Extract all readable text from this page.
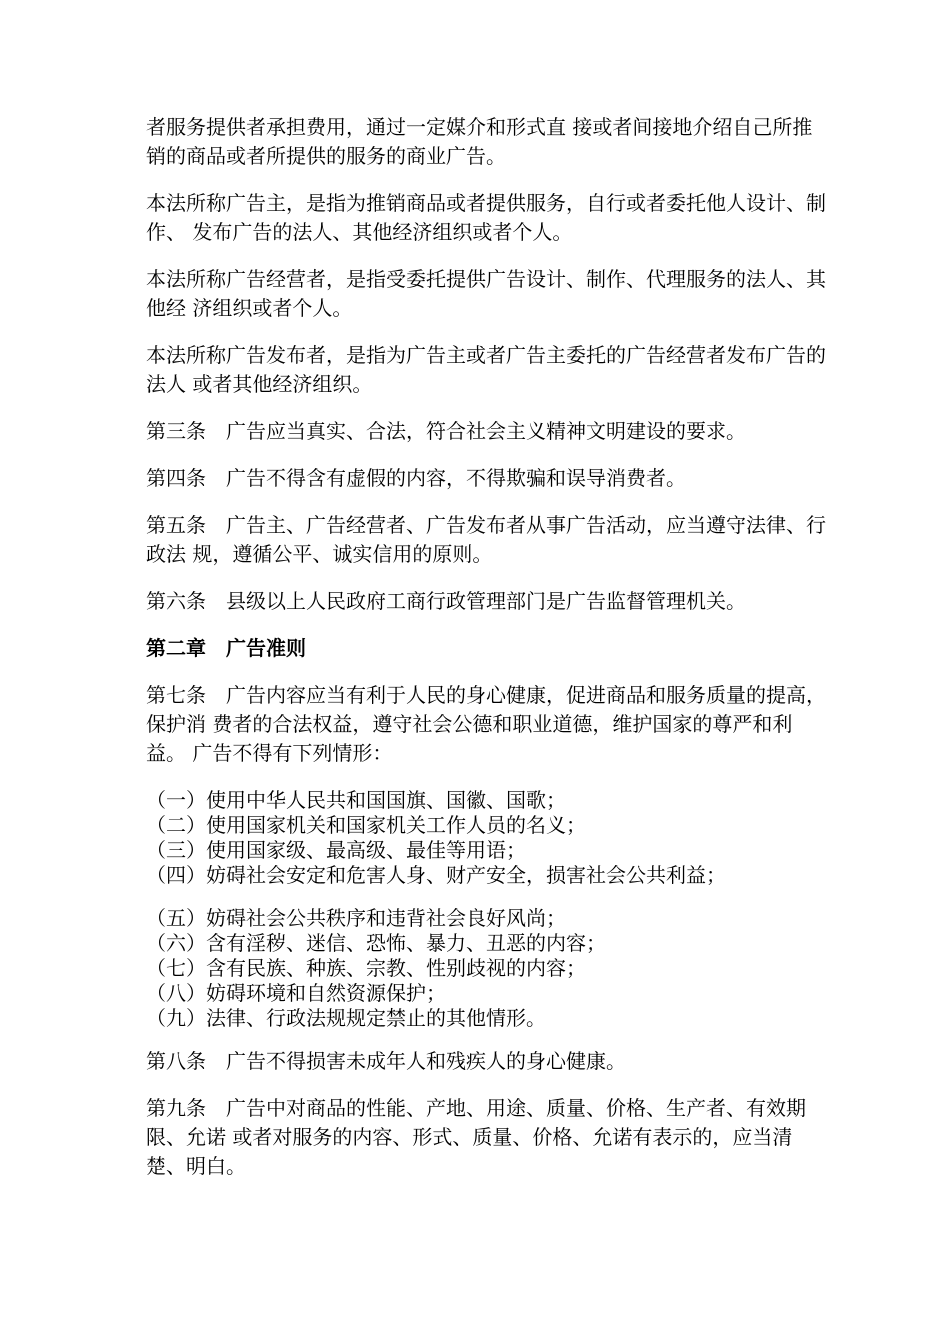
者服务提供者承担费用，通过一定媒介和形式直 接或者间接地介绍自己所推销的商品或者所提供的服务的商业广告。

本法所称广告主，是指为推销商品或者提供服务，自行或者委托他人设计、制作、 发布广告的法人、其他经济组织或者个人。

本法所称广告经营者，是指受委托提供广告设计、制作、代理服务的法人、其他经 济组织或者个人。

本法所称广告发布者，是指为广告主或者广告主委托的广告经营者发布广告的法人 或者其他经济组织。

第三条　广告应当真实、合法，符合社会主义精神文明建设的要求。

第四条　广告不得含有虚假的内容，不得欺骗和误导消费者。

第五条　广告主、广告经营者、广告发布者从事广告活动，应当遵守法律、行政法 规，遵循公平、诚实信用的原则。

第六条　县级以上人民政府工商行政管理部门是广告监督管理机关。

第二章　广告准则

第七条　广告内容应当有利于人民的身心健康，促进商品和服务质量的提高，保护消 费者的合法权益，遵守社会公德和职业道德，维护国家的尊严和利益。 广告不得有下列情形：

（一）使用中华人民共和国国旗、国徽、国歌；
（二）使用国家机关和国家机关工作人员的名义；
（三）使用国家级、最高级、最佳等用语；
（四）妨碍社会安定和危害人身、财产安全，损害社会公共利益；
（五）妨碍社会公共秩序和违背社会良好风尚；
（六）含有淫秽、迷信、恐怖、暴力、丑恶的内容；
（七）含有民族、种族、宗教、性别歧视的内容；
（八）妨碍环境和自然资源保护；
（九）法律、行政法规规定禁止的其他情形。

第八条　广告不得损害未成年人和残疾人的身心健康。

第九条　广告中对商品的性能、产地、用途、质量、价格、生产者、有效期限、允诺 或者对服务的内容、形式、质量、价格、允诺有表示的，应当清楚、明白。
